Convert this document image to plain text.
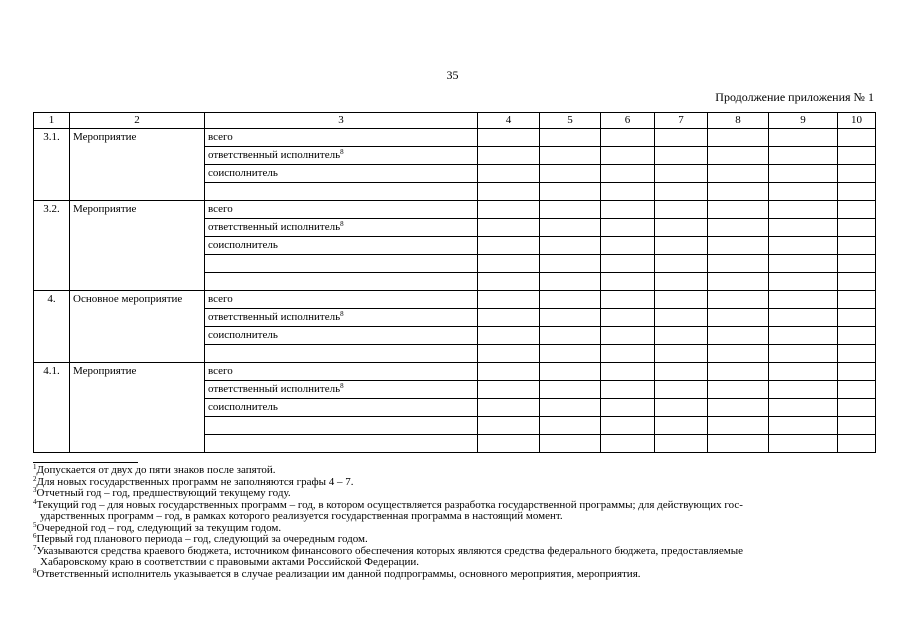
35
Продолжение приложения № 1
1	2	3	4	5	6	7	8	9	10
3.1.	Мероприятие	всего							
		ответственный исполнитель$^8$							
		соисполнитель							

3.2.	Мероприятие	всего							
		ответственный исполнитель$^8$							
		соисполнитель							

4.	Основное мероприятие	всего							
		ответственный исполнитель$^8$							
		соисполнитель							

4.1.	Мероприятие	всего							
		ответственный исполнитель$^8$							
		соисполнитель							

$^1$Допускается от двух до пяти знаков после запятой.
$^2$Для новых государственных программ не заполняются графы 4 – 7.
$^3$Отчетный год – год, предшествующий текущему году.
$^4$Текущий год – для новых государственных программ – год, в котором осуществляется разработка государственной программы; для действующих гос-
ударственных программ – год, в рамках которого реализуется государственная программа в настоящий момент.
$^5$Очередной год – год, следующий за текущим годом.
$^6$Первый год планового периода – год, следующий за очередным годом.
$^7$Указываются средства краевого бюджета, источником финансового обеспечения которых являются средства федерального бюджета, предоставляемые
Хабаровскому краю в соответствии с правовыми актами Российской Федерации.
$^8$Ответственный исполнитель указывается в случае реализации им данной подпрограммы, основного мероприятия, мероприятия.
